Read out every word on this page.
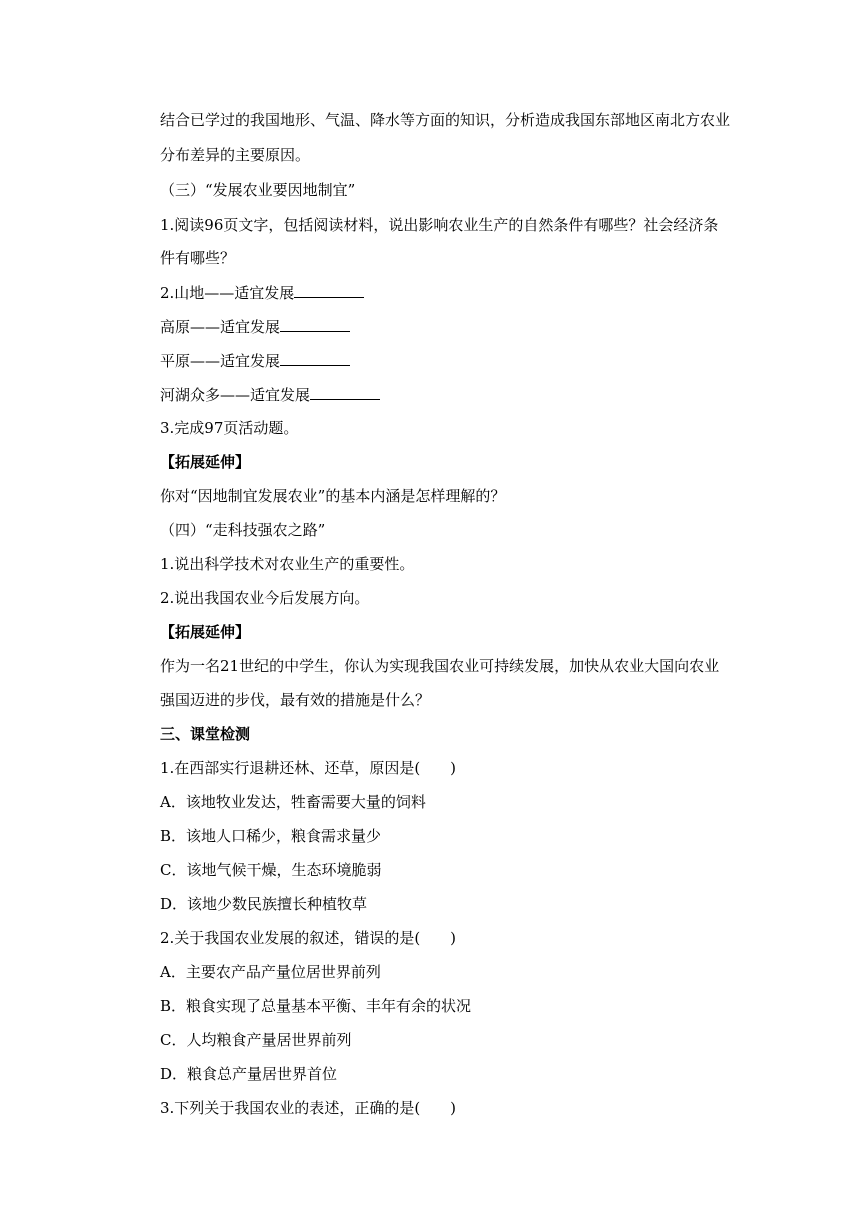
结合已学过的我国地形、气温、降水等方面的知识，分析造成我国东部地区南北方农业
分布差异的主要原因。
（三）“发展农业要因地制宜”
1.阅读96页文字，包括阅读材料，说出影响农业生产的自然条件有哪些？社会经济条
件有哪些？
2.山地——适宜发展
高原——适宜发展
平原——适宜发展
河湖众多——适宜发展
3.完成97页活动题。
【拓展延伸】
你对“因地制宜发展农业”的基本内涵是怎样理解的？
（四）“走科技强农之路”
1.说出科学技术对农业生产的重要性。
2.说出我国农业今后发展方向。
【拓展延伸】
作为一名21世纪的中学生，你认为实现我国农业可持续发展，加快从农业大国向农业
强国迈进的步伐，最有效的措施是什么？
三、课堂检测
1.在西部实行退耕还林、还草，原因是(　　)
A．该地牧业发达，牲畜需要大量的饲料
B．该地人口稀少，粮食需求量少
C．该地气候干燥，生态环境脆弱
D．该地少数民族擅长种植牧草
2.关于我国农业发展的叙述，错误的是(　　)
A．主要农产品产量位居世界前列
B．粮食实现了总量基本平衡、丰年有余的状况
C．人均粮食产量居世界前列
D．粮食总产量居世界首位
3.下列关于我国农业的表述，正确的是(　　)
